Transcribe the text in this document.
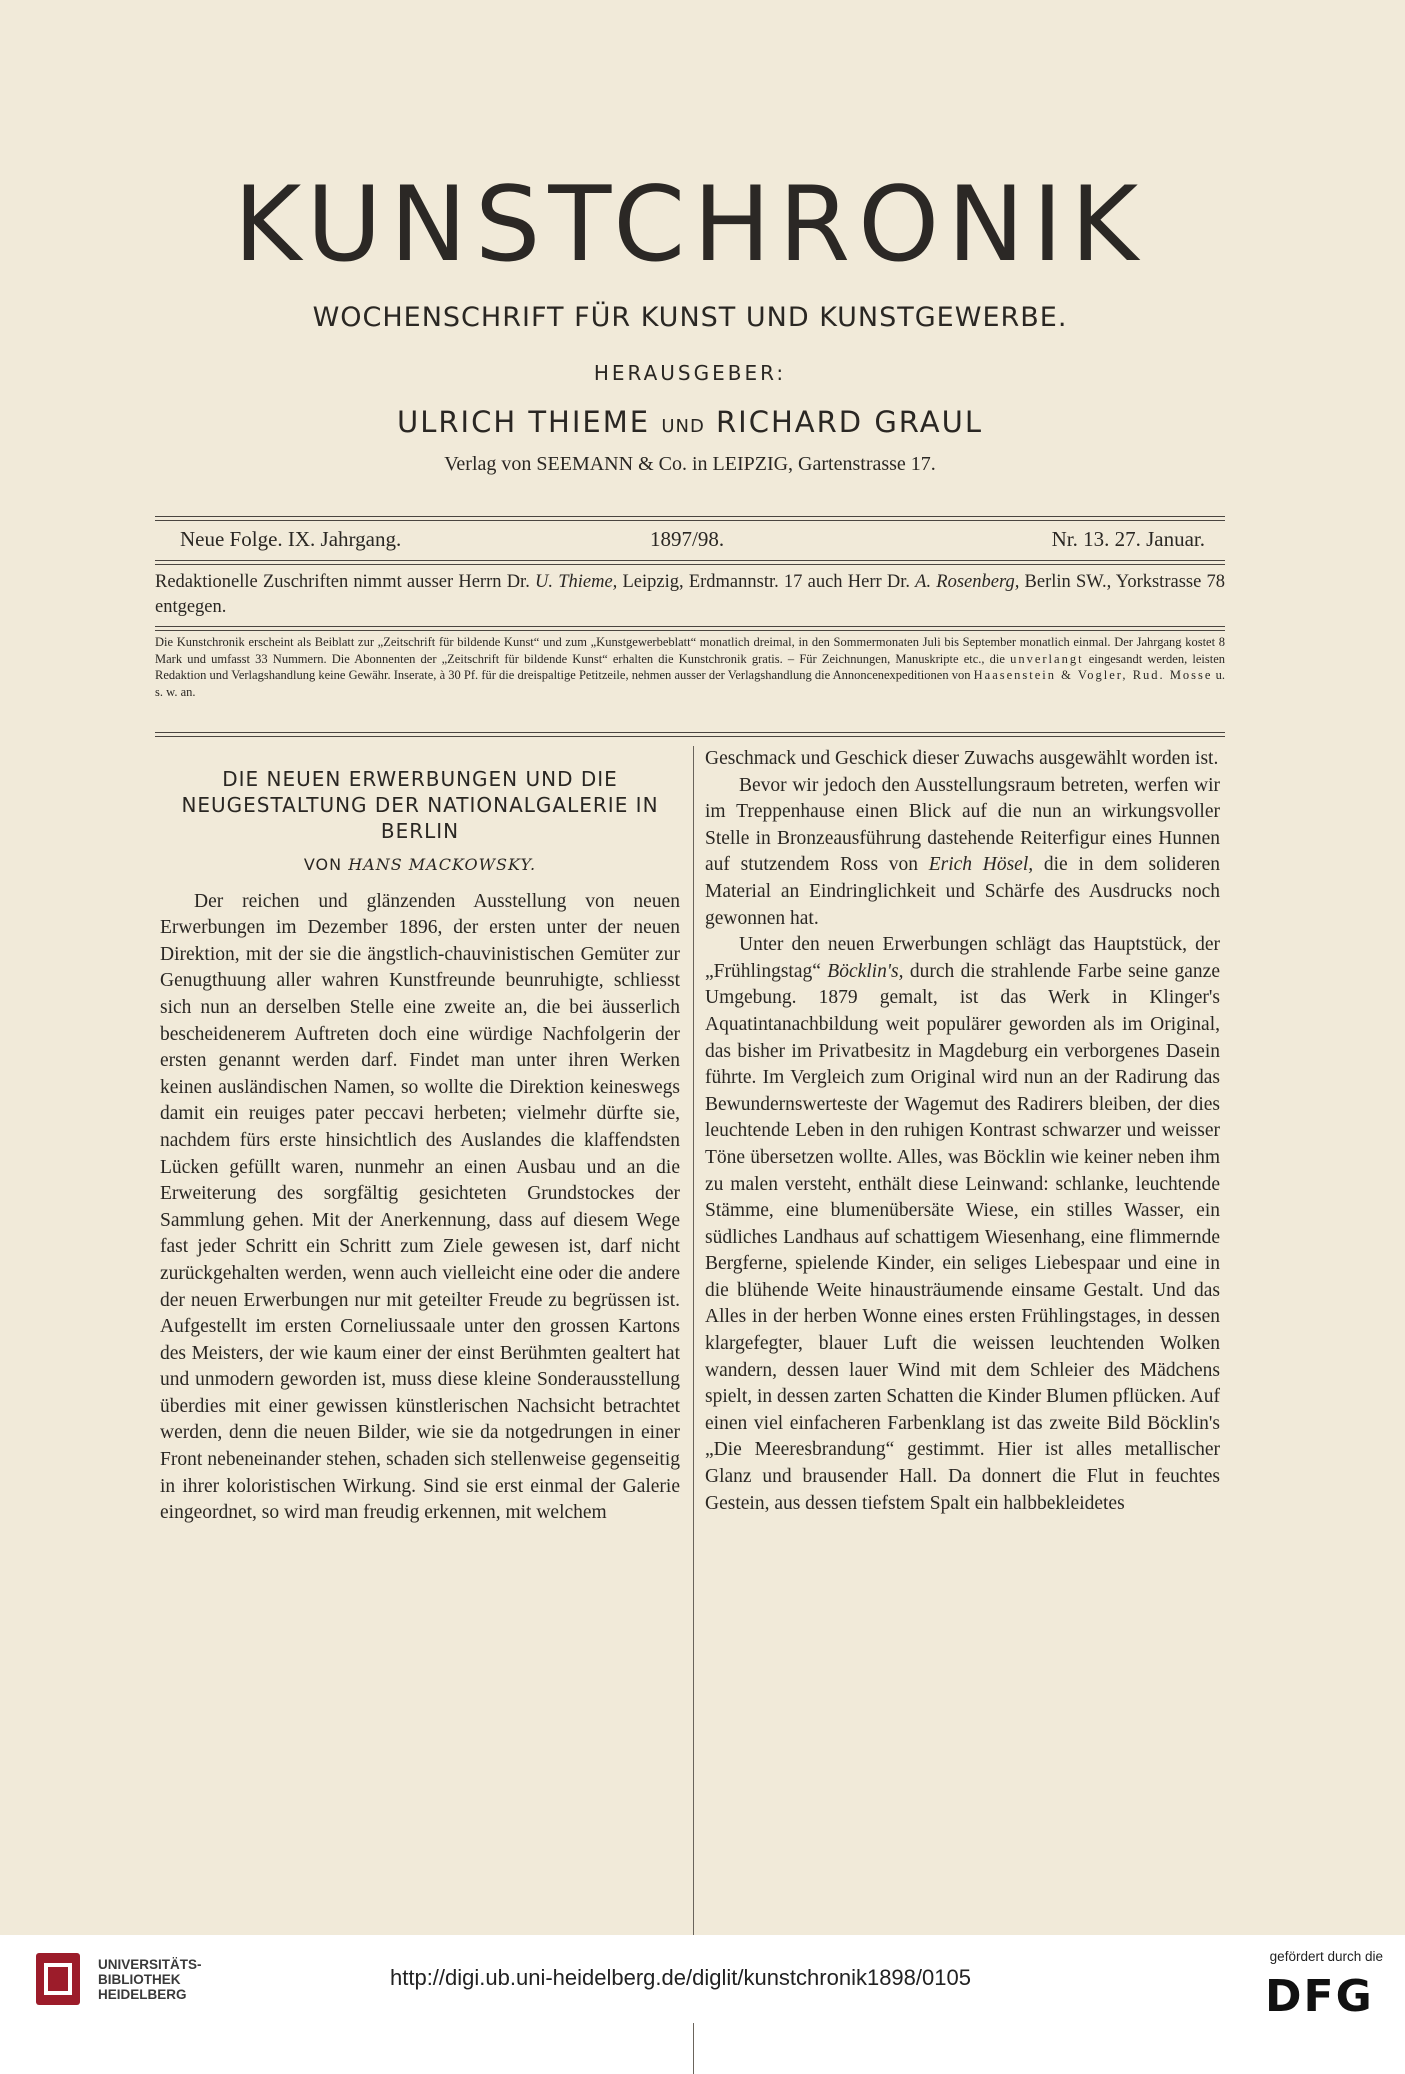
KUNSTCHRONIK
WOCHENSCHRIFT FÜR KUNST UND KUNSTGEWERBE.
HERAUSGEBER:
ULRICH THIEME UND RICHARD GRAUL
Verlag von SEEMANN & Co. in LEIPZIG, Gartenstrasse 17.
Neue Folge. IX. Jahrgang.	1897/98.	Nr. 13. 27. Januar.
Redaktionelle Zuschriften nimmt ausser Herrn Dr. U. Thieme, Leipzig, Erdmannstr. 17 auch Herr Dr. A. Rosenberg, Berlin SW., Yorkstrasse 78 entgegen.
Die Kunstchronik erscheint als Beiblatt zur „Zeitschrift für bildende Kunst“ und zum „Kunstgewerbeblatt“ monatlich dreimal, in den Sommermonaten Juli bis September monatlich einmal. Der Jahrgang kostet 8 Mark und umfasst 33 Nummern. Die Abonnenten der „Zeitschrift für bildende Kunst“ erhalten die Kunstchronik gratis. – Für Zeichnungen, Manuskripte etc., die unverlangt eingesandt werden, leisten Redaktion und Verlagshandlung keine Gewähr. Inserate, à 30 Pf. für die dreispaltige Petitzeile, nehmen ausser der Verlagshandlung die Annoncenexpeditionen von Haasenstein & Vogler, Rud. Mosse u. s. w. an.
DIE NEUEN ERWERBUNGEN UND DIE NEUGESTALTUNG DER NATIONALGALERIE IN BERLIN
VON HANS MACKOWSKY.

Der reichen und glänzenden Ausstellung von neuen Erwerbungen im Dezember 1896, der ersten unter der neuen Direktion, mit der sie die ängstlich-chauvinistischen Gemüter zur Genugthuung aller wahren Kunstfreunde beunruhigte, schliesst sich nun an derselben Stelle eine zweite an, die bei äusserlich bescheidenerem Auftreten doch eine würdige Nachfolgerin der ersten genannt werden darf. Findet man unter ihren Werken keinen ausländischen Namen, so wollte die Direktion keineswegs damit ein reuiges pater peccavi herbeten; vielmehr dürfte sie, nachdem fürs erste hinsichtlich des Auslandes die klaffendsten Lücken gefüllt waren, nunmehr an einen Ausbau und an die Erweiterung des sorgfältig gesichteten Grundstockes der Sammlung gehen. Mit der Anerkennung, dass auf diesem Wege fast jeder Schritt ein Schritt zum Ziele gewesen ist, darf nicht zurückgehalten werden, wenn auch vielleicht eine oder die andere der neuen Erwerbungen nur mit geteilter Freude zu begrüssen ist. Aufgestellt im ersten Corneliussaale unter den grossen Kartons des Meisters, der wie kaum einer der einst Berühmten gealtert hat und unmodern geworden ist, muss diese kleine Sonderausstellung überdies mit einer gewissen künstlerischen Nachsicht betrachtet werden, denn die neuen Bilder, wie sie da notgedrungen in einer Front nebeneinander stehen, schaden sich stellenweise gegenseitig in ihrer koloristischen Wirkung. Sind sie erst einmal der Galerie eingeordnet, so wird man freudig erkennen, mit welchem

Geschmack und Geschick dieser Zuwachs ausgewählt worden ist.

Bevor wir jedoch den Ausstellungsraum betreten, werfen wir im Treppenhause einen Blick auf die nun an wirkungsvoller Stelle in Bronzeausführung dastehende Reiterfigur eines Hunnen auf stutzendem Ross von Erich Hösel, die in dem solideren Material an Eindringlichkeit und Schärfe des Ausdrucks noch gewonnen hat.

Unter den neuen Erwerbungen schlägt das Hauptstück, der „Frühlingstag“ Böcklin's, durch die strahlende Farbe seine ganze Umgebung. 1879 gemalt, ist das Werk in Klinger's Aquatintanachbildung weit populärer geworden als im Original, das bisher im Privatbesitz in Magdeburg ein verborgenes Dasein führte. Im Vergleich zum Original wird nun an der Radirung das Bewundernswerteste der Wagemut des Radirers bleiben, der dies leuchtende Leben in den ruhigen Kontrast schwarzer und weisser Töne übersetzen wollte. Alles, was Böcklin wie keiner neben ihm zu malen versteht, enthält diese Leinwand: schlanke, leuchtende Stämme, eine blumenübersäte Wiese, ein stilles Wasser, ein südliches Landhaus auf schattigem Wiesenhang, eine flimmernde Bergferne, spielende Kinder, ein seliges Liebespaar und eine in die blühende Weite hinausträumende einsame Gestalt. Und das Alles in der herben Wonne eines ersten Frühlingstages, in dessen klargefegter, blauer Luft die weissen leuchtenden Wolken wandern, dessen lauer Wind mit dem Schleier des Mädchens spielt, in dessen zarten Schatten die Kinder Blumen pflücken. Auf einen viel einfacheren Farbenklang ist das zweite Bild Böcklin's „Die Meeresbrandung“ gestimmt. Hier ist alles metallischer Glanz und brausender Hall. Da donnert die Flut in feuchtes Gestein, aus dessen tiefstem Spalt ein halbbekleidetes

UNIVERSITÄTS-
BIBLIOTHEK
HEIDELBERG
http://digi.ub.uni-heidelberg.de/diglit/kunstchronik1898/0105
gefördert durch die
DFG
